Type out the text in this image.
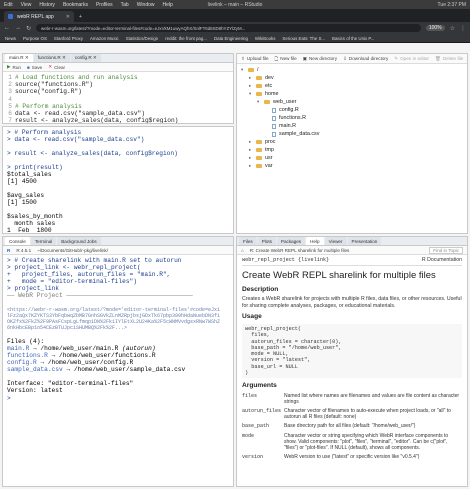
Edit View History Bookmarks Profiles Tab Window Help	livelink – main – RStudio	Tue 2:37 PM
webR REPL app ✕	+
← → ↻ webr-r-wasm.org/latest/?mode=editor-terminal-files#code=eJxVkM1uwyAQhX/SnlFT6d8SD8hYZYlZyM...	100%	☆ ⋮
News Purpose OS Stanford Proxy Amazon Music Statistics/Design reddit: the front pag... Data Engineering WikiBooks Serious Eats: The S... Basics of the Unix P...
main.R ✕	functions.R ✕	config.R ✕
▶ Run ■ Save ✕ Clear
1 # Load functions and run analysis
2 source("functions.R")
3 source("config.R")
4
5 # Perform analysis
6 data <- read.csv("sample_data.csv")
7 result <- analyze_sales(data, config$region)
⇪ Upload file 🗋 New file ▣ New directory ⇩ Download directory ✎ Open in editor 🗑 Delete file
▾	/
▸	dev
▸	etc
▾	home
▾	web_user
config.R
functions.R
main.R
sample_data.csv
▸	proc
▸	tmp
▸	usr
▸	var
> # Perform analysis
> data <- read.csv("sample_data.csv")

> result <- analyze_sales(data, config$region)

> print(result)
$total_sales
[1] 4500

$avg_sales
[1] 1500

$sales_by_month
month sales
1  Feb  1800
Console	Terminal	Background Jobs
R R 4.5.1 ~/Documents/GitHub/r-pkg/livelink/
> # Create sharelink with main.R set to autorun
> project_link <- webr_repl_project(
+   project_files, autorun_files = "main.R",
+   mode = "editor-terminal-files")
> project_link
── WebR Project ──────────────────────────────────

<https://webr-r-wasm.org/latest/?mode='editor-terminal-files'#code=eJx1lFz2aQx7KZYKTS3YbFqbwqZbMB7GnhSGVkZLnMZRpjbsjGDxTk67pbp399hHdaNuebDN3f1OKZfx%2FkZ%2F9PAsFCspLgLfmqp1DN%2Fk1IYlEtXL2U24Ka%2F5cWNMVvdgsxRNw7WShZ6nkHbcEBp1o54CEzBTUJpciSHUMBQ%2Fk%2F...>

Files (4):
main.R → /home/web_user/main.R (autorun)
functions.R → /home/web_user/functions.R
config.R → /home/web_user/config.R
sample_data.csv → /home/web_user/sample_data.csv

Interface: "editor-terminal-files"
Version: latest
>
Files	Plots	Packages	Help	Viewer	Presentation
⌂ R: Create WebR REPL sharelink for multiple files	Find in Topic
webr_repl_project {livelink}	R Documentation
Create WebR REPL sharelink for multiple files
Description

Creates a WebR sharelink for projects with multiple R files, data files, or other resources. Useful for sharing complete analyses, packages, or educational materials.

Usage
webr_repl_project(
files,
autorun_files = character(0),
base_path = "/home/web_user",
mode = NULL,
version = "latest",
base_url = NULL
)
Arguments
files	Named list where names are filenames and values are file content as character strings
autorun_files Character vector of filenames to auto-execute when project loads, or "all" to autorun all R files (default: none)
base_path	Base directory path for all files (default: "/home/web_user/")
mode	Character vector or string specifying which WebR interface components to show. Valid components: "plot", "files", "terminal", "editor". Can be c("plot", "files") or "plot-files". If NULL (default), shows all components.
version	WebR version to use ("latest" or specific version like "v0.5.4")
